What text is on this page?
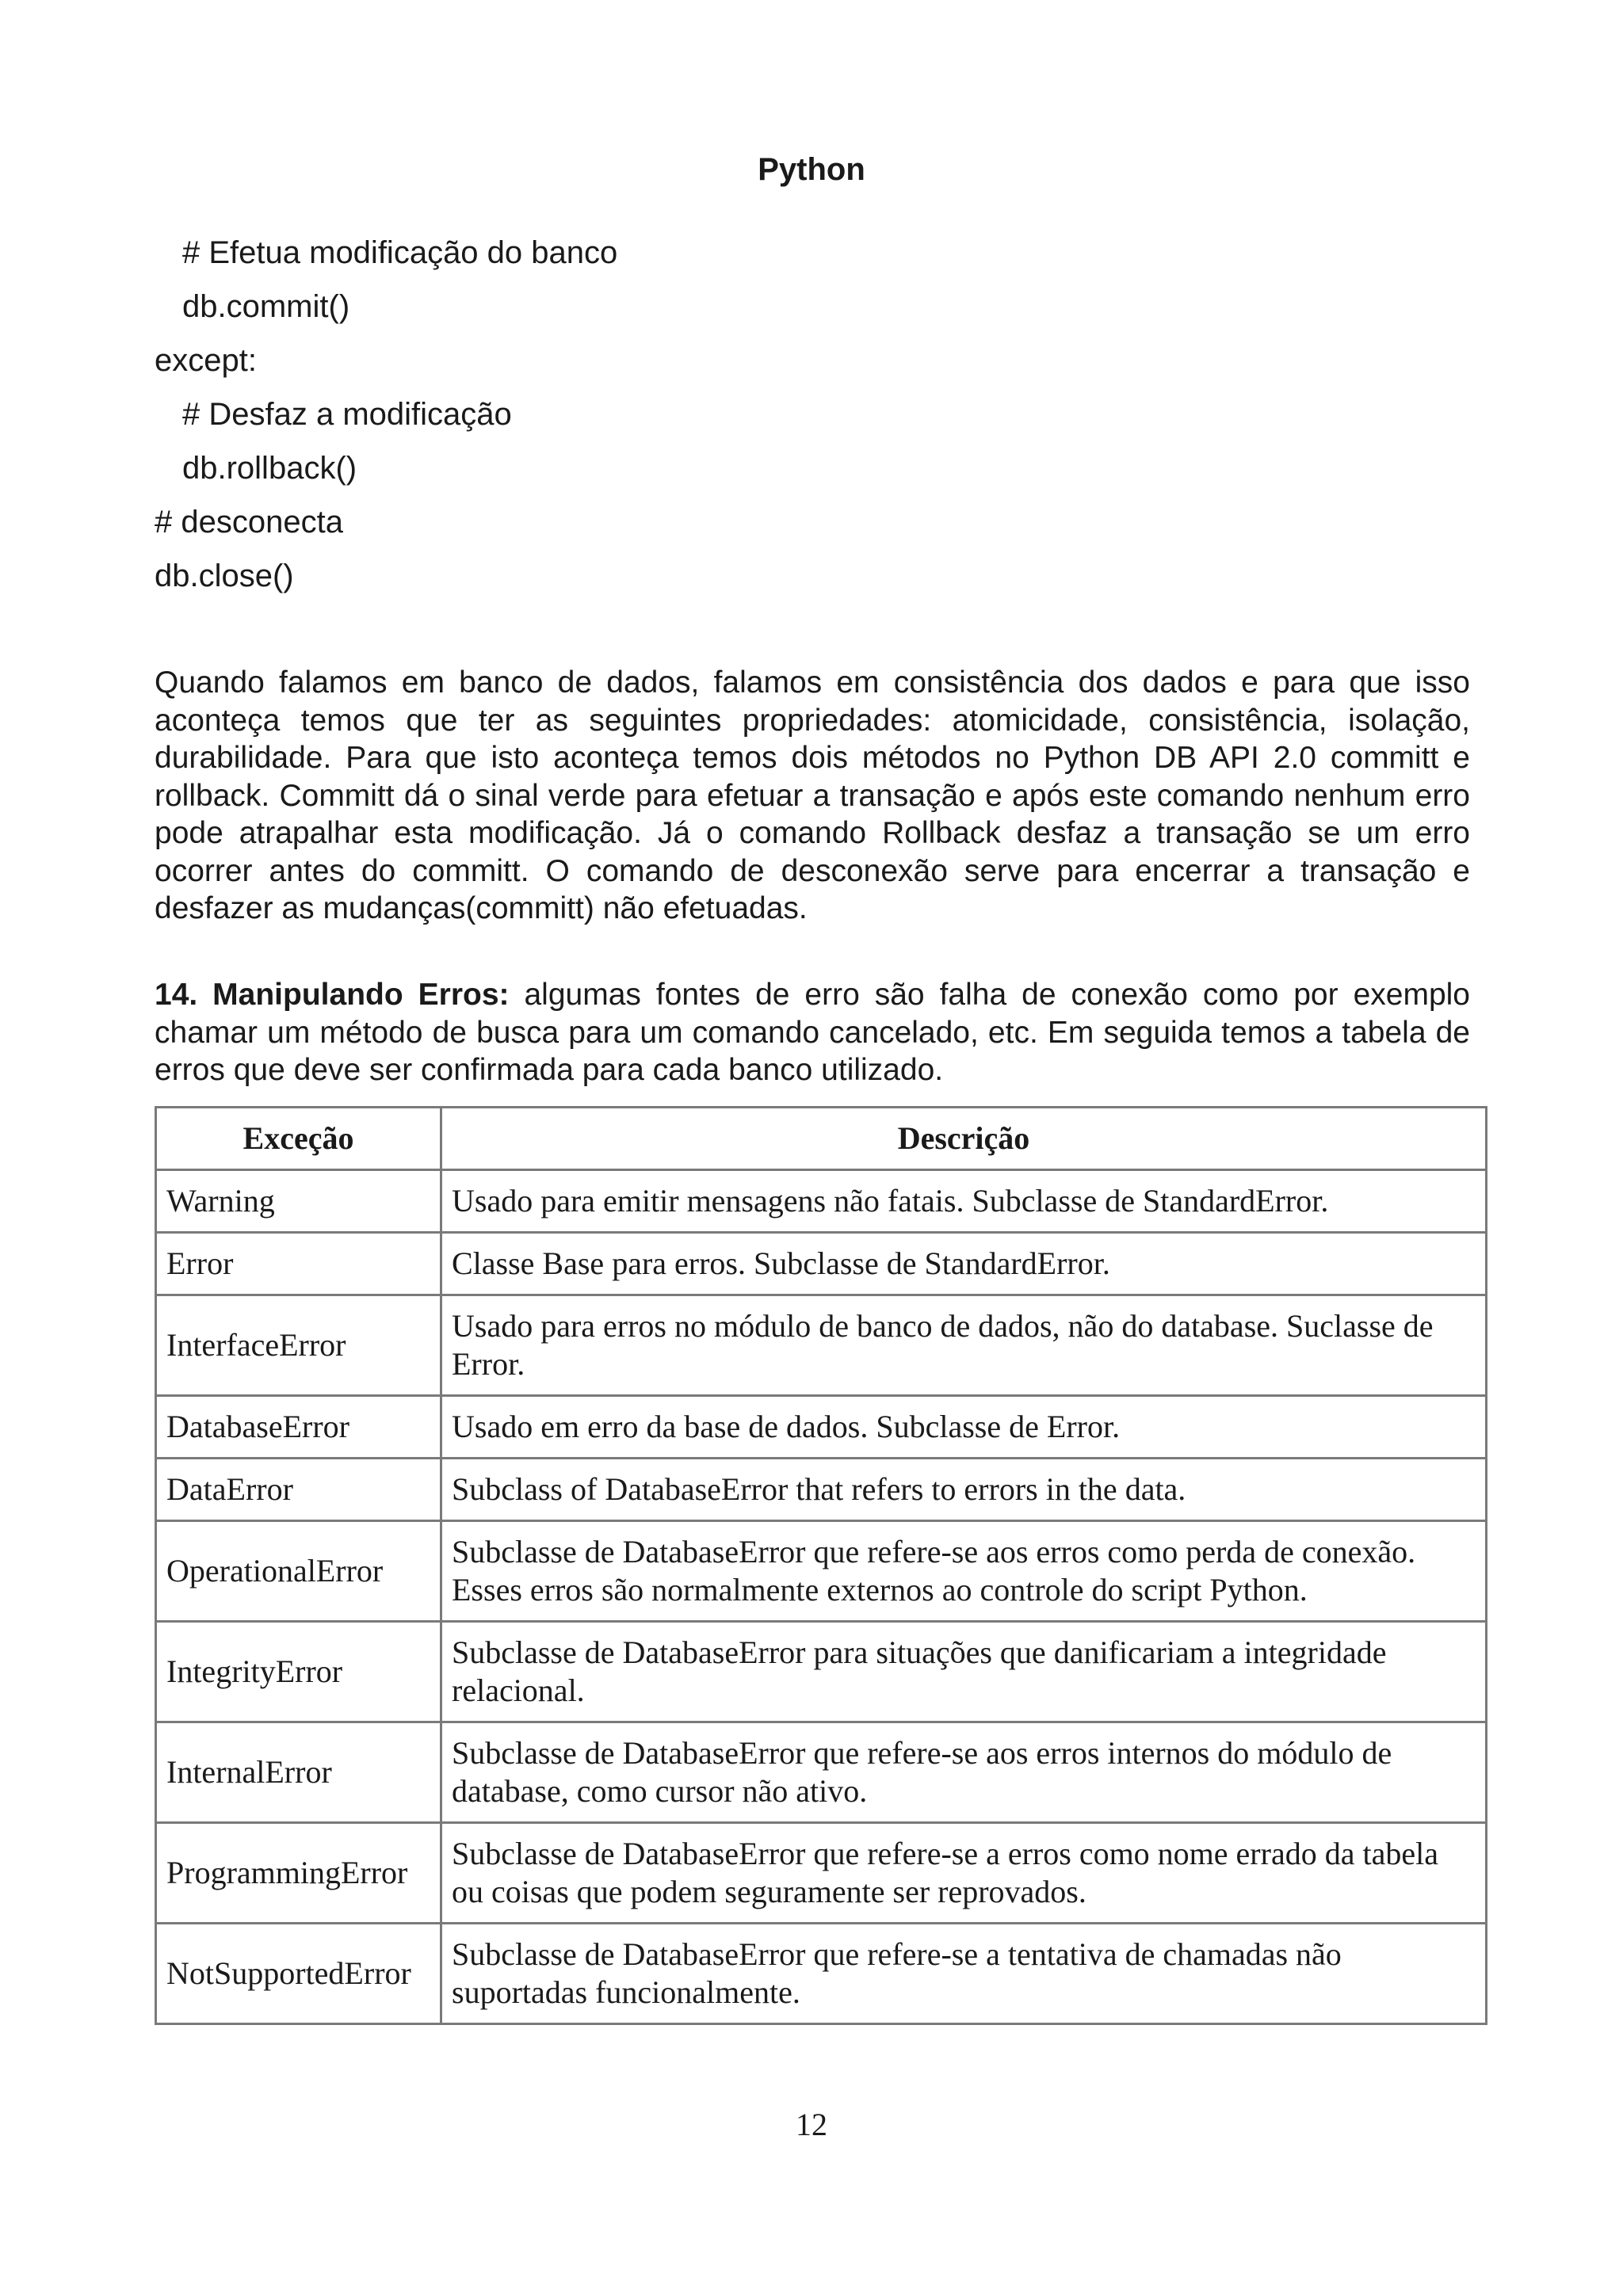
Python
# Efetua modificação do banco
db.commit()
except:
# Desfaz a modificação
db.rollback()
# desconecta
db.close()

Quando falamos em banco de dados, falamos em consistência dos dados e para que isso aconteça temos que ter as seguintes propriedades: atomicidade, consistência, isolação, durabilidade. Para que isto aconteça temos dois métodos no Python DB API 2.0 committ e rollback. Committ dá o sinal verde para efetuar a transação e após este comando nenhum erro pode atrapalhar esta modificação. Já o comando Rollback desfaz a transação se um erro ocorrer antes do committ. O comando de desconexão serve para encerrar a transação e desfazer as mudanças(committ) não efetuadas.

14. Manipulando Erros: algumas fontes de erro são falha de conexão como por exemplo chamar um método de busca para um comando cancelado, etc. Em seguida temos a tabela de erros que deve ser confirmada para cada banco utilizado.

Exceção	Descrição
Warning	Usado para emitir mensagens não fatais. Subclasse de StandardError.
Error	Classe Base para erros. Subclasse de StandardError.
InterfaceError	Usado para erros no módulo de banco de dados, não do database. Suclasse de Error.
DatabaseError	Usado em erro da base de dados. Subclasse de Error.
DataError	Subclass of DatabaseError that refers to errors in the data.
OperationalError	Subclasse de DatabaseError que refere-se aos erros como perda de conexão. Esses erros são normalmente externos ao controle do script Python.
IntegrityError	Subclasse de DatabaseError para situações que danificariam a integridade relacional.
InternalError	Subclasse de DatabaseError que refere-se aos erros internos do módulo de database, como cursor não ativo.
ProgrammingError	Subclasse de DatabaseError que refere-se a erros como nome errado da tabela ou coisas que podem seguramente ser reprovados.
NotSupportedError	Subclasse de DatabaseError que refere-se a tentativa de chamadas não suportadas funcionalmente.
12
